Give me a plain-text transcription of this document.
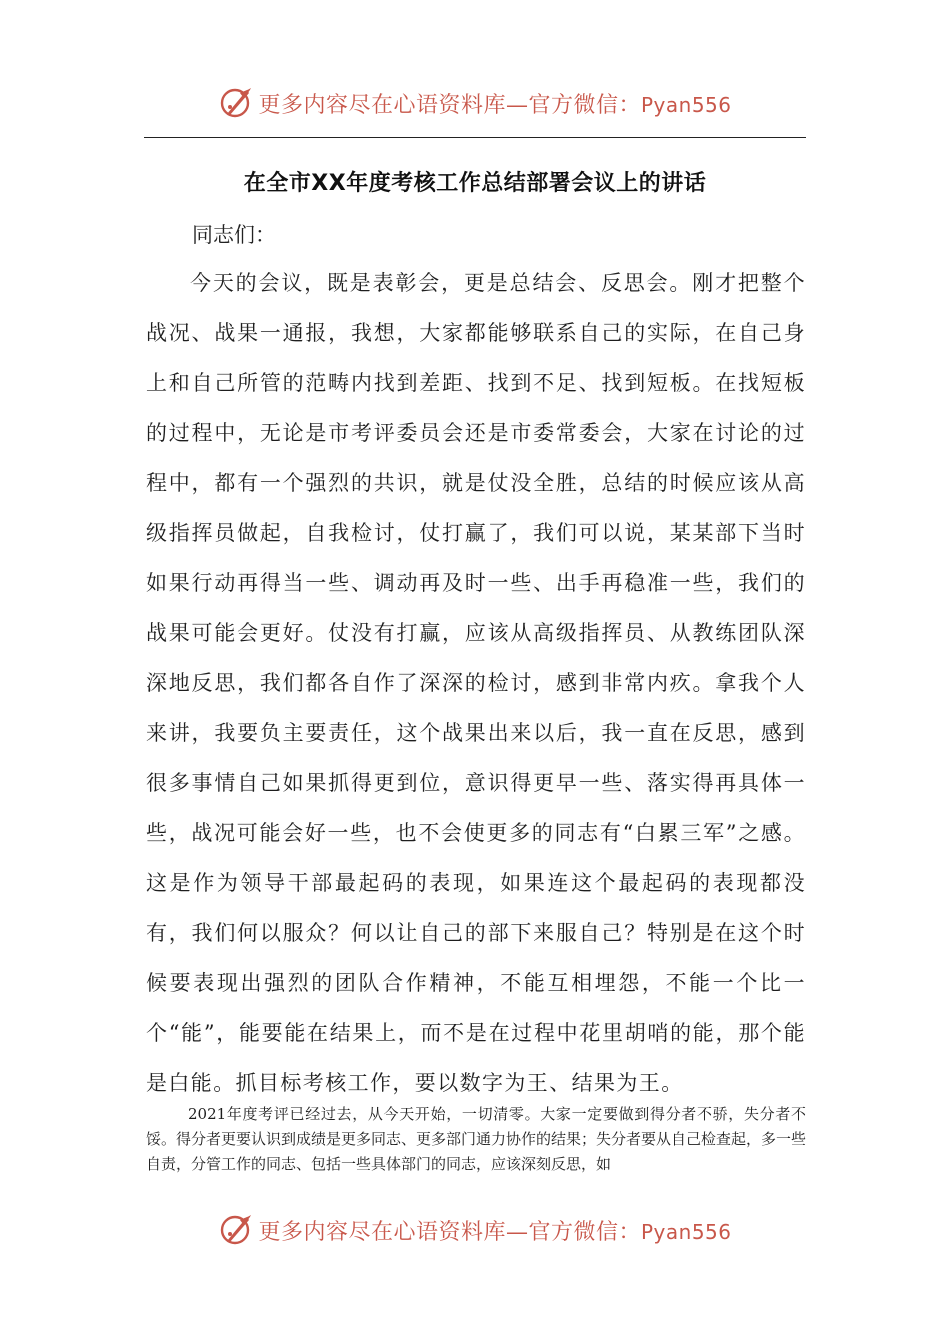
更多内容尽在心语资料库—官方微信：Pyan556
在全市XX年度考核工作总结部署会议上的讲话
同志们：

今天的会议，既是表彰会，更是总结会、反思会。刚才把整个战况、战果一通报，我想，大家都能够联系自己的实际，在自己身上和自己所管的范畴内找到差距、找到不足、找到短板。在找短板的过程中，无论是市考评委员会还是市委常委会，大家在讨论的过程中，都有一个强烈的共识，就是仗没全胜，总结的时候应该从高级指挥员做起，自我检讨，仗打赢了，我们可以说，某某部下当时如果行动再得当一些、调动再及时一些、出手再稳准一些，我们的战果可能会更好。仗没有打赢，应该从高级指挥员、从教练团队深深地反思，我们都各自作了深深的检讨，感到非常内疚。拿我个人来讲，我要负主要责任，这个战果出来以后，我一直在反思，感到很多事情自己如果抓得更到位，意识得更早一些、落实得再具体一些，战况可能会好一些，也不会使更多的同志有“白累三军”之感。这是作为领导干部最起码的表现，如果连这个最起码的表现都没有，我们何以服众？何以让自己的部下来服自己？特别是在这个时候要表现出强烈的团队合作精神，不能互相埋怨，不能一个比一个“能”，能要能在结果上，而不是在过程中花里胡哨的能，那个能是白能。抓目标考核工作，要以数字为王、结果为王。

2021年度考评已经过去，从今天开始，一切清零。大家一定要做到得分者不骄，失分者不馁。得分者更要认识到成绩是更多同志、更多部门通力协作的结果；失分者要从自己检查起，多一些自责，分管工作的同志、包括一些具体部门的同志，应该深刻反思，如

更多内容尽在心语资料库—官方微信：Pyan556
